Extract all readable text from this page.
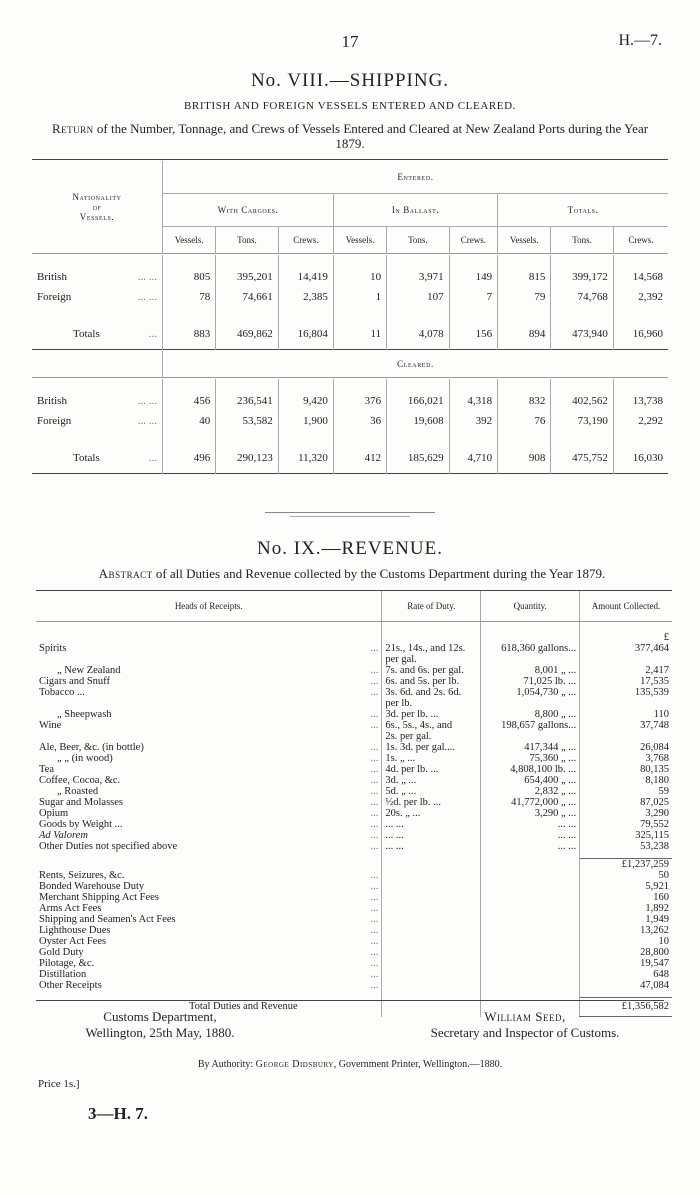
17	H.—7.
No. VIII.—SHIPPING.
BRITISH AND FOREIGN VESSELS ENTERED AND CLEARED.
Return of the Number, Tonnage, and Crews of Vessels Entered and Cleared at New Zealand Ports during the Year 1879.

Nationality
of
Vessels.	Entered.								
	With Cargoes.			In Ballast.			Totals.		
	Vessels.	Tons.	Crews.	Vessels.	Tons.	Crews.	Vessels.	Tons.	Crews.

British ... ...	805	395,201	14,419	10	3,971	149	815	399,172	14,568
Foreign ... ...	78	74,661	2,385	1	107	7	79	74,768	2,392

Totals ...	883	469,862	16,804	11	4,078	156	894	473,940	16,960

	Cleared.								

British ... ...	456	236,541	9,420	376	166,021	4,318	832	402,562	13,738
Foreign ... ...	40	53,582	1,900	36	19,608	392	76	73,190	2,292

Totals ...	496	290,123	11,320	412	185,629	4,710	908	475,752	16,030

No. IX.—REVENUE.
Abstract of all Duties and Revenue collected by the Customs Department during the Year 1879.
Heads of Receipts.	Rate of Duty.	Quantity.	Amount Collected.

			£
Spirits ...	21s., 14s., and 12s.	618,360 gallons...	377,464
	per gal.		
„ New Zealand ...	7s. and 6s. per gal.	8,001 „ ...	2,417
Cigars and Snuff ...	6s. and 5s. per lb.	71,025 lb. ...	17,535
Tobacco ... ...	3s. 6d. and 2s. 6d.	1,054,730 „ ...	135,539
	per lb.		
„ Sheepwash ...	3d. per lb. ...	8,800 „ ...	110
Wine ...	6s., 5s., 4s., and	198,657 gallons...	37,748
	2s. per gal.		
Ale, Beer, &c. (in bottle) ...	1s. 3d. per gal....	417,344 „ ...	26,084
„ „ (in wood) ...	1s. „ ...	75,360 „ ...	3,768
Tea ...	4d. per lb. ...	4,808,100 lb. ...	80,135
Coffee, Cocoa, &c. ...	3d. „ ...	654,400 „ ...	8,180
„ Roasted ...	5d. „ ...	2,832 „ ...	59
Sugar and Molasses ...	½d. per lb. ...	41,772,000 „ ...	87,025
Opium ...	20s. „ ...	3,290 „ ...	3,290
Goods by Weight ... ...	... ...	... ...	79,552
Ad Valorem ...	... ...	... ...	325,115
Other Duties not specified above ...	... ...	... ...	53,238

			£1,237,259
Rents, Seizures, &c. ...			50
Bonded Warehouse Duty ...			5,921
Merchant Shipping Act Fees ...			160
Arms Act Fees ...			1,892
Shipping and Seamen's Act Fees ...			1,949
Lighthouse Dues ...			13,262
Oyster Act Fees ...			10
Gold Duty ...			28,800
Pilotage, &c. ...			19,547
Distillation ...			648
Other Receipts ...			47,084

Total Duties and Revenue			£1,356,582
Customs Department,
Wellington, 25th May, 1880.
William Seed,
Secretary and Inspector of Customs.
By Authority: George Didsbury, Government Printer, Wellington.—1880.
Price 1s.]
3—H. 7.
